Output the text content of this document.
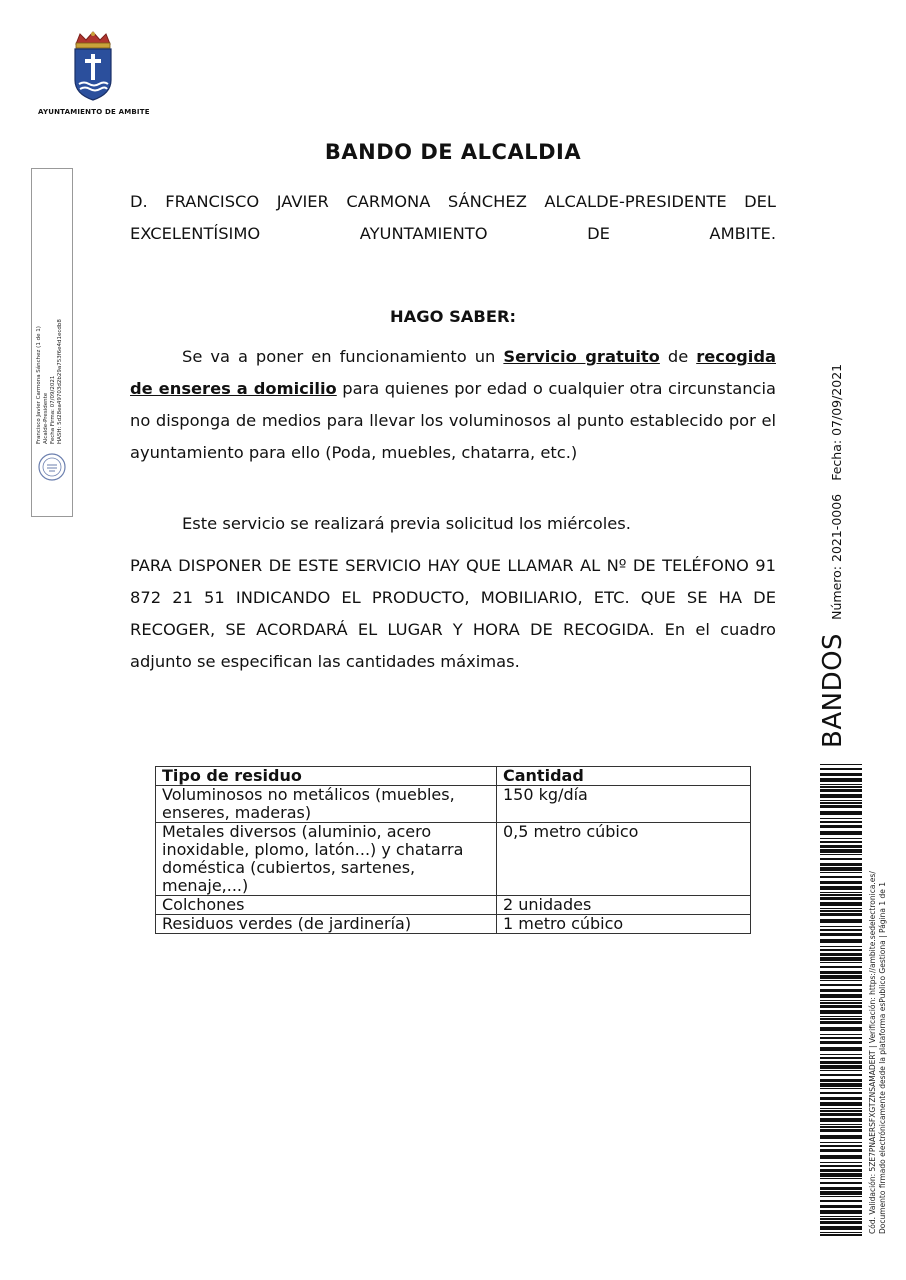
AYUNTAMIENTO DE AMBITE
Francisco Javier Carmona Sánchez (1 de 1) Alcalde-Presidente Fecha Firma: 07/09/2021 HASH: 5d28ea49703d2b29a753f6e4d1ecdb8
BANDO DE ALCALDIA
D. FRANCISCO JAVIER CARMONA SÁNCHEZ ALCALDE-PRESIDENTE DEL EXCELENTÍSIMO AYUNTAMIENTO DE AMBITE.
HAGO SABER:
Se va a poner en funcionamiento un Servicio gratuito de recogida de enseres a domicilio para quienes por edad o cualquier otra circunstancia no disponga de medios para llevar los voluminosos al punto establecido por el ayuntamiento para ello (Poda, muebles, chatarra, etc.)
Este servicio se realizará previa solicitud los miércoles.
PARA DISPONER DE ESTE SERVICIO HAY QUE LLAMAR AL Nº DE TELÉFONO 91 872 21 51 INDICANDO EL PRODUCTO, MOBILIARIO, ETC. QUE SE HA DE RECOGER, SE ACORDARÁ EL LUGAR Y HORA DE RECOGIDA. En el cuadro adjunto se especifican las cantidades máximas.
Tipo de residuo	Cantidad
Voluminosos no metálicos (muebles, enseres, maderas)	150 kg/día
Metales diversos (aluminio, acero inoxidable, plomo, latón...) y chatarra doméstica (cubiertos, sartenes, menaje,...)	0,5 metro cúbico
Colchones	2 unidades
Residuos verdes (de jardinería)	1 metro cúbico
BANDOS Número: 2021-0006 Fecha: 07/09/2021
Cód. Validación: 5ZE7PNAERSFXGTZNSAMADERT | Verificación: https://ambite.sedelectronica.es/ Documento firmado electrónicamente desde la plataforma esPublico Gestiona | Página 1 de 1
